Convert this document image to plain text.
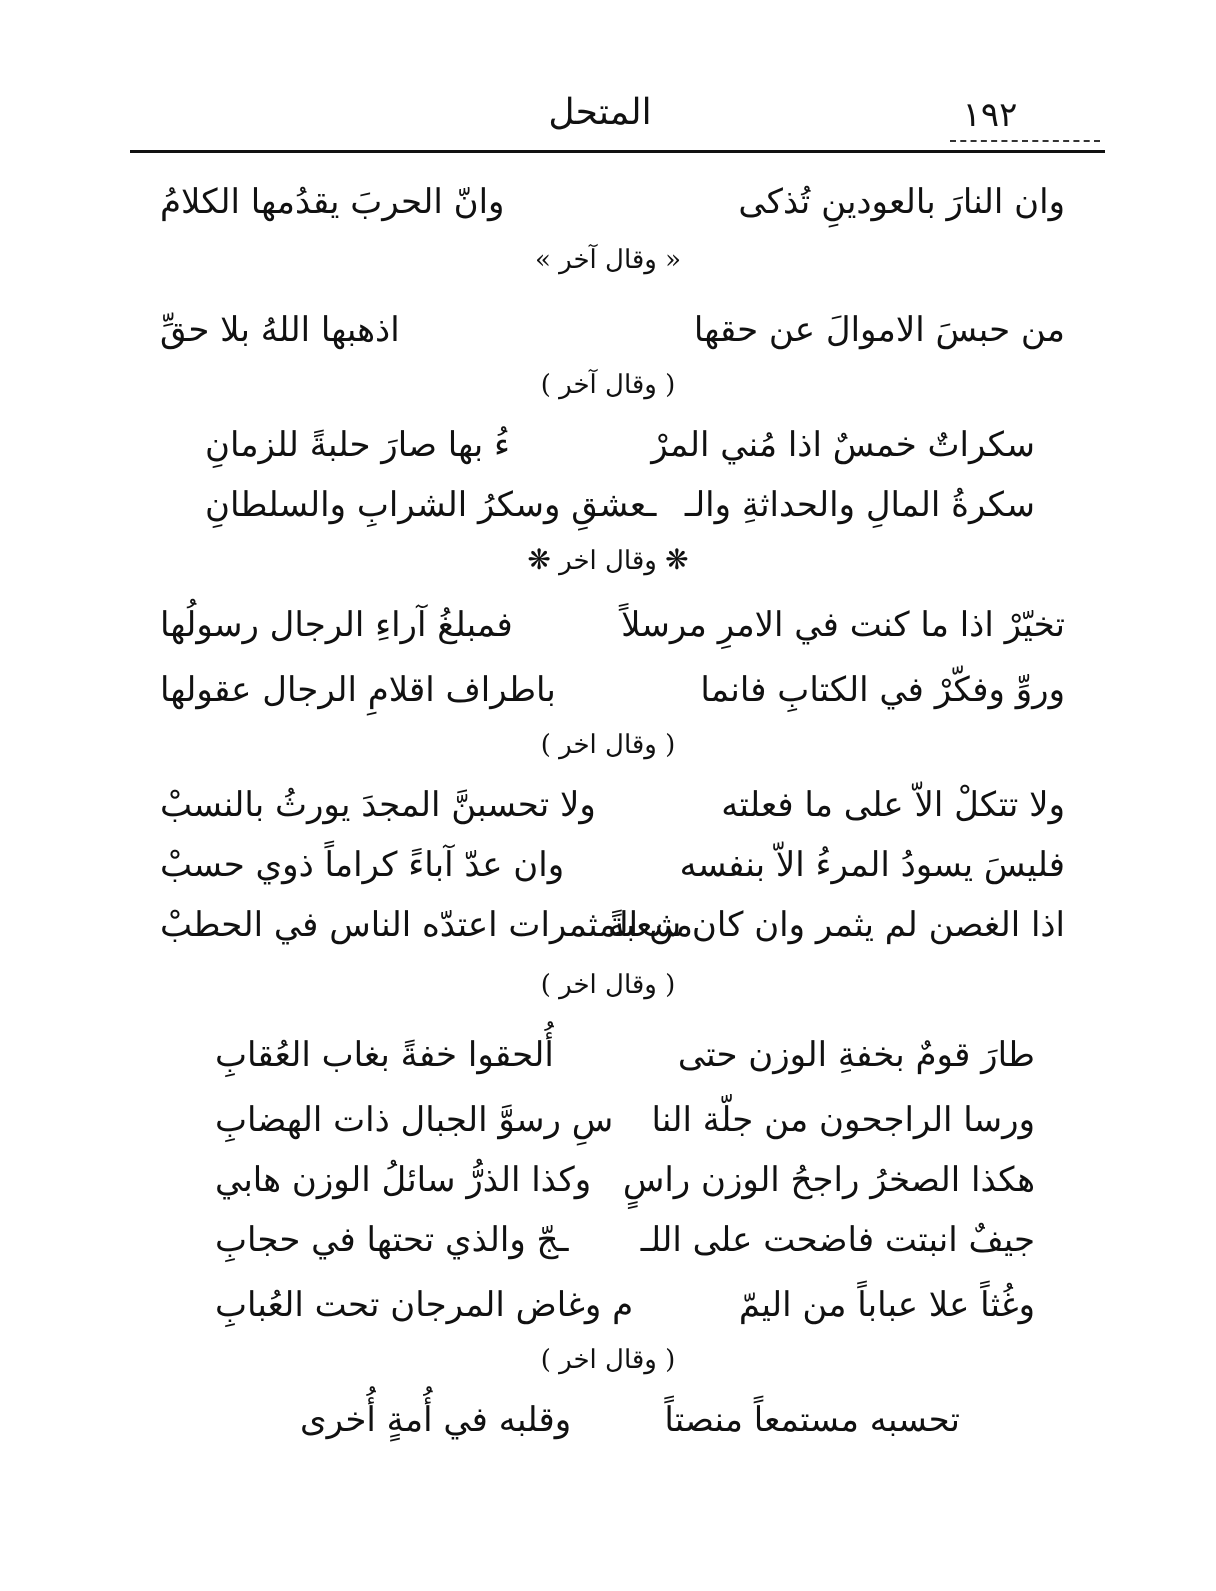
١٩٢
المتحل
وان النارَ بالعودينِ تُذكى
وانّ الحربَ يقدُمها الكلامُ
« وقال آخر »
من حبسَ الاموالَ عن حقها
اذهبها اللهُ بلا حقِّ
( وقال آخر )
سكراتٌ خمسٌ اذا مُني المرْ
ءُ بها صارَ حلبةً للزمانِ
سكرةُ المالِ والحداثةِ والـ
ـعشقِ وسكرُ الشرابِ والسلطانِ
❋ وقال اخر ❋
تخيّرْ اذا ما كنت في الامرِ مرسلاً
فمبلغُ آراءِ الرجال رسولُها
وروِّ وفكّرْ في الكتابِ فانما
باطراف اقلامِ الرجال عقولها
( وقال اخر )
ولا تتكلْ الاّ على ما فعلته
ولا تحسبنَّ المجدَ يورثُ بالنسبْ
فليسَ يسودُ المرءُ الاّ بنفسه
وان عدّ آباءً كراماً ذوي حسبْ
اذا الغصن لم يثمر وان كان شعبةً
من المثمرات اعتدّه الناس في الحطبْ
( وقال اخر )
طارَ قومٌ بخفةِ الوزن حتى
أُلحقوا خفةً بغاب العُقابِ
ورسا الراجحون من جلّة النا
سِ رسوَّ الجبال ذات الهضابِ
هكذا الصخرُ راجحُ الوزن راسٍ
وكذا الذرُّ سائلُ الوزن هابي
جيفٌ انبتت فاضحت على اللـ
ـجّ والذي تحتها في حجابِ
وغُثاً علا عباباً من اليمّ
م وغاض المرجان تحت العُبابِ
( وقال اخر )
تحسبه مستمعاً منصتاً
وقلبه في أُمةٍ أُخرى
